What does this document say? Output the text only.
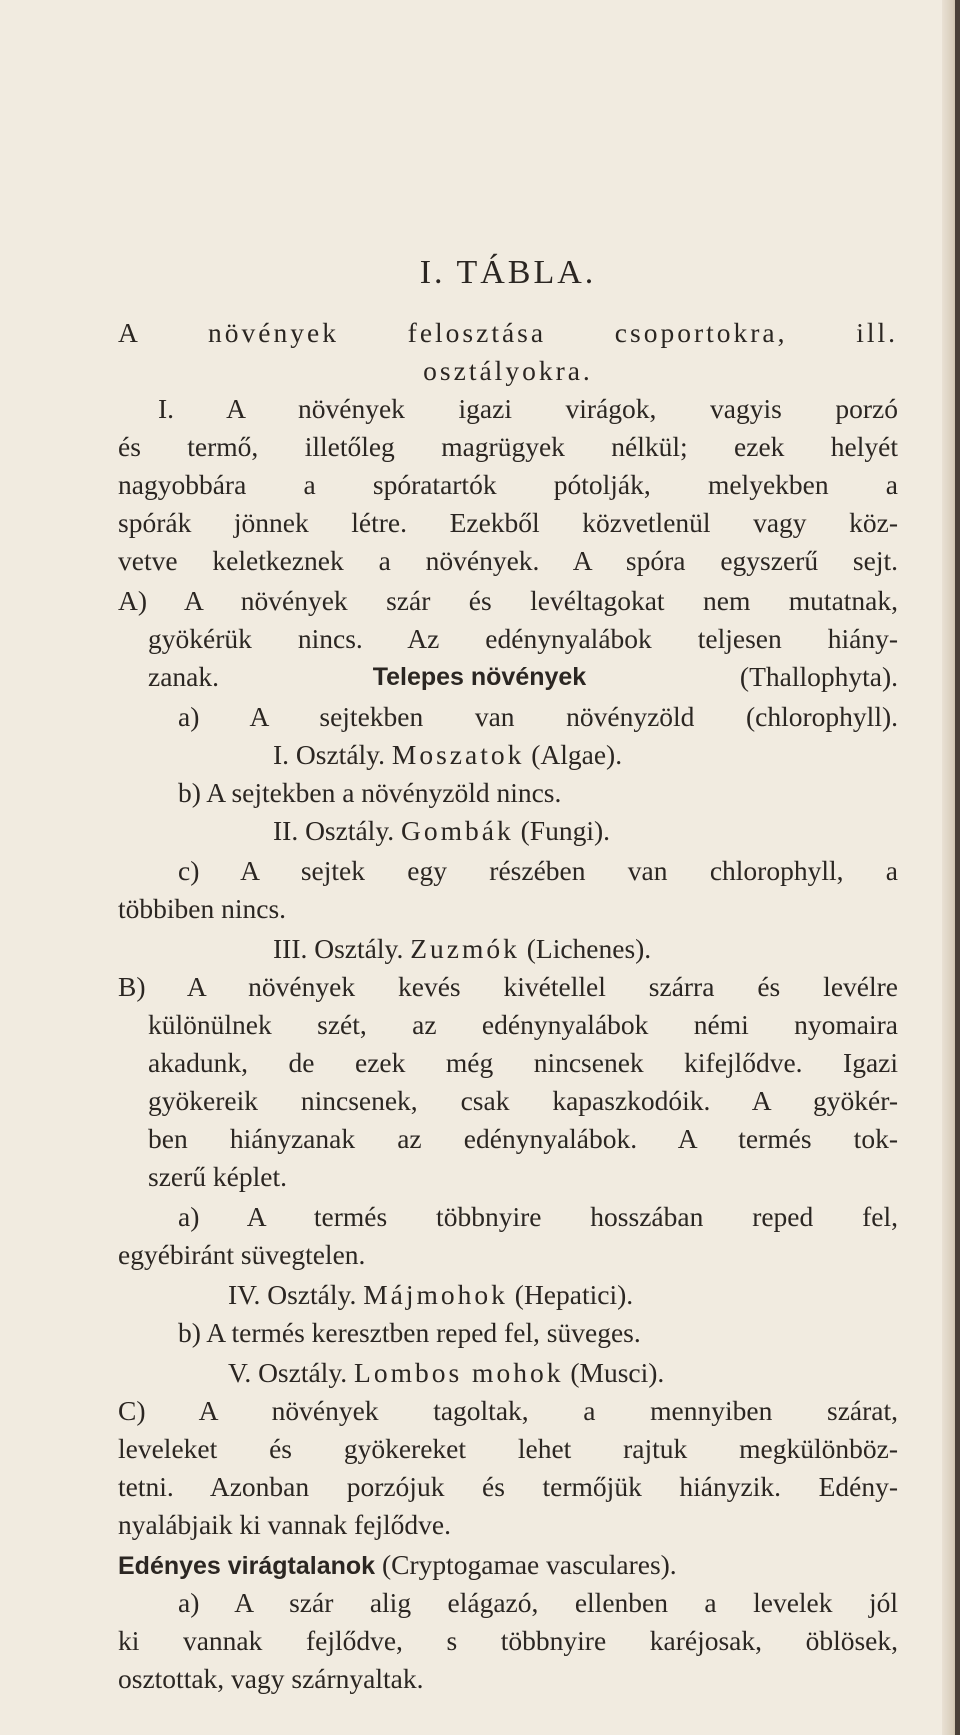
I. TÁBLA.
A növények felosztása csoportokra, ill.
osztályokra.
I. A növények igazi virágok, vagyis porzó
és termő, illetőleg magrügyek nélkül; ezek helyét
nagyobbára a spóratartók pótolják, melyekben a
spórák jönnek létre. Ezekből közvetlenül vagy köz-
vetve keletkeznek a növények. A spóra egyszerű sejt.
A) A növények szár és levéltagokat nem mutatnak,
gyökérük nincs. Az edénynyalábok teljesen hiány-
zanak.	Telepes növények	(Thallophyta).
a) A sejtekben van növényzöld (chlorophyll).
I. Osztály. Moszatok (Algae).
b) A sejtekben a növényzöld nincs.
II. Osztály. Gombák (Fungi).
c) A sejtek egy részében van chlorophyll, a
többiben nincs.
III. Osztály. Zuzmók (Lichenes).
B) A növények kevés kivétellel szárra és levélre
különülnek szét, az edénynyalábok némi nyomaira
akadunk, de ezek még nincsenek kifejlődve. Igazi
gyökereik nincsenek, csak kapaszkodóik. A gyökér-
ben hiányzanak az edénynyalábok. A termés tok-
szerű képlet.
a) A termés többnyire hosszában reped fel,
egyébiránt süvegtelen.
IV. Osztály. Májmohok (Hepatici).
b) A termés keresztben reped fel, süveges.
V. Osztály. Lombos mohok (Musci).
C) A növények tagoltak, a mennyiben szárat,
leveleket és gyökereket lehet rajtuk megkülönböz-
tetni. Azonban porzójuk és termőjük hiányzik. Edény-
nyalábjaik ki vannak fejlődve.
Edényes virágtalanok (Cryptogamae vasculares).
a) A szár alig elágazó, ellenben a levelek jól
ki vannak fejlődve, s többnyire karéjosak, öblösek,
osztottak, vagy szárnyaltak.
